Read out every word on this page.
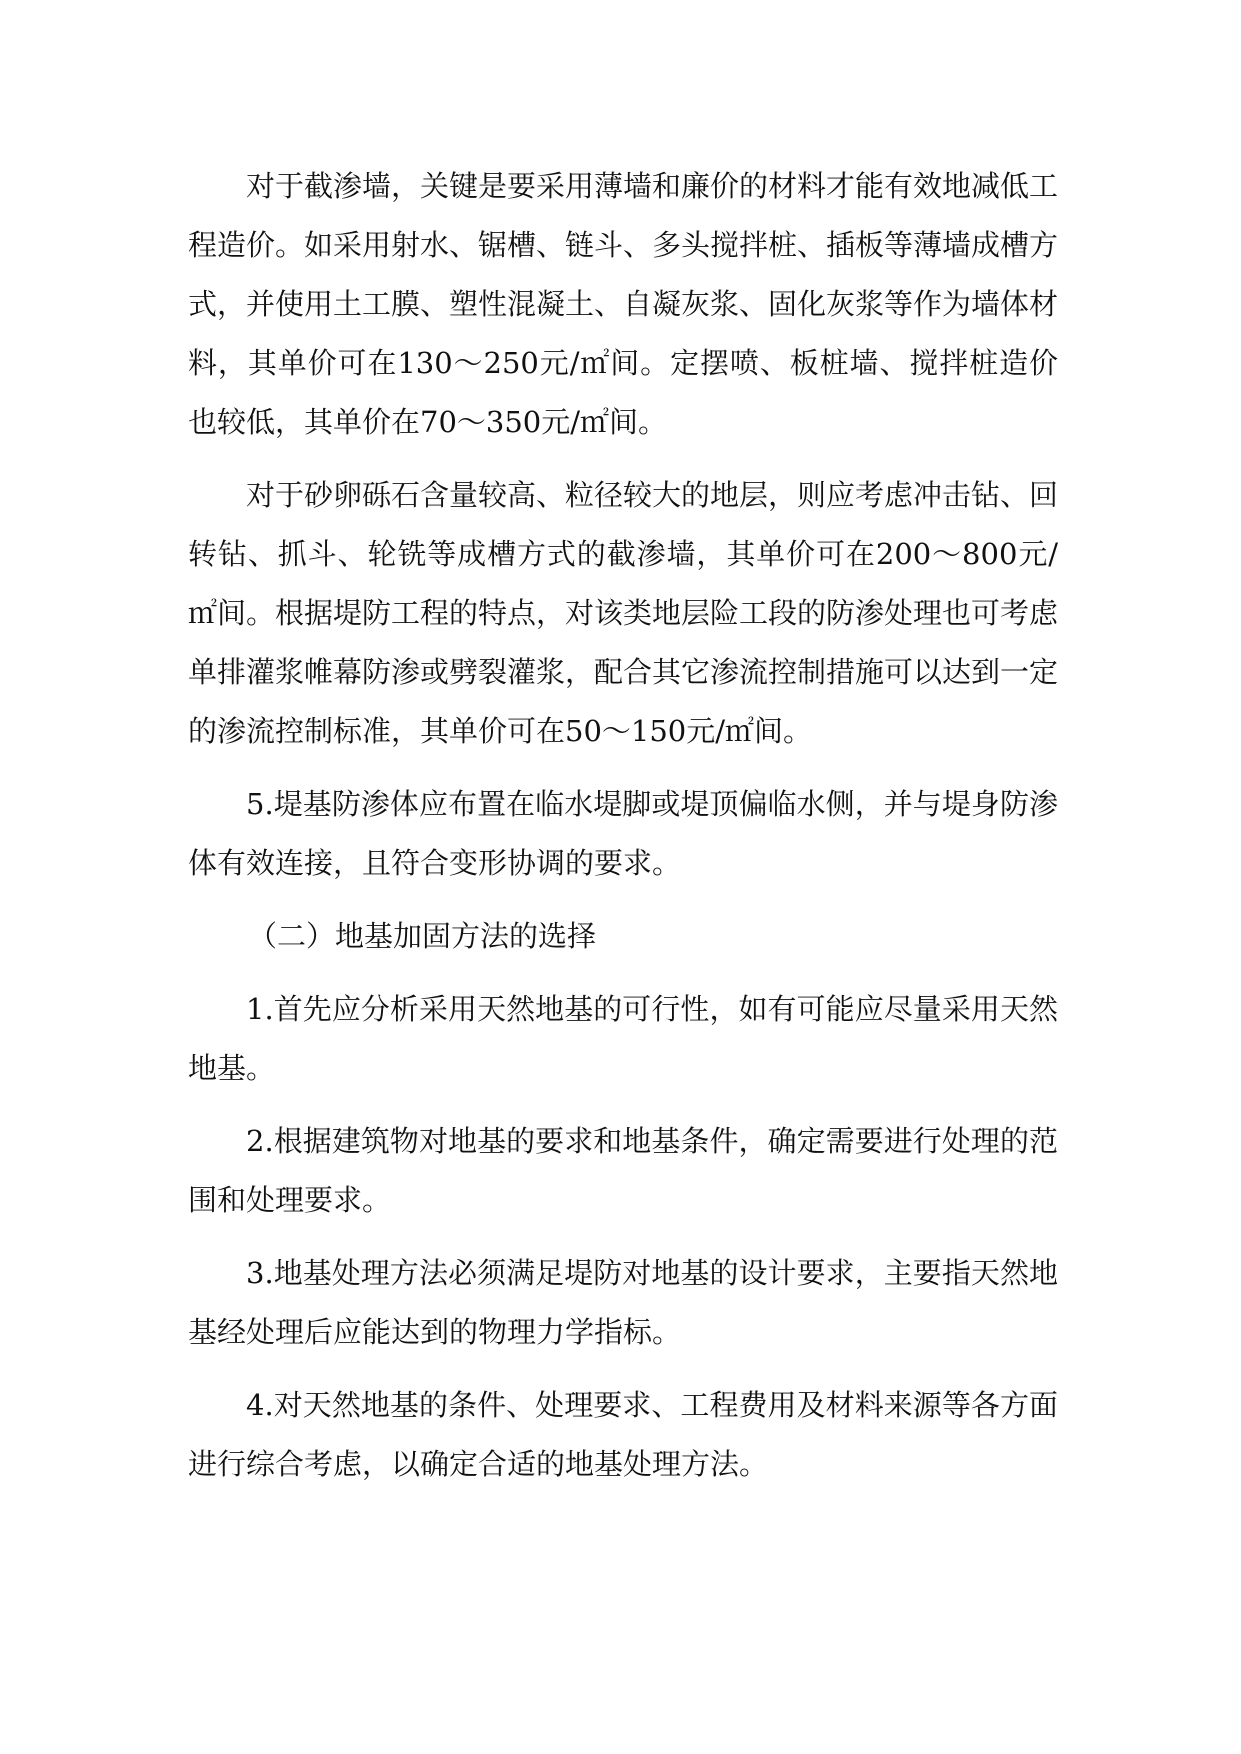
对于截渗墙，关键是要采用薄墙和廉价的材料才能有效地减低工程造价。如采用射水、锯槽、链斗、多头搅拌桩、插板等薄墙成槽方式，并使用土工膜、塑性混凝土、自凝灰浆、固化灰浆等作为墙体材料，其单价可在130～250元/㎡间。定摆喷、板桩墙、搅拌桩造价也较低，其单价在70～350元/㎡间。

对于砂卵砾石含量较高、粒径较大的地层，则应考虑冲击钻、回转钻、抓斗、轮铣等成槽方式的截渗墙，其单价可在200～800元/㎡间。根据堤防工程的特点，对该类地层险工段的防渗处理也可考虑单排灌浆帷幕防渗或劈裂灌浆，配合其它渗流控制措施可以达到一定的渗流控制标准，其单价可在50～150元/㎡间。

5.堤基防渗体应布置在临水堤脚或堤顶偏临水侧，并与堤身防渗体有效连接，且符合变形协调的要求。

（二）地基加固方法的选择

1.首先应分析采用天然地基的可行性，如有可能应尽量采用天然地基。

2.根据建筑物对地基的要求和地基条件，确定需要进行处理的范围和处理要求。

3.地基处理方法必须满足堤防对地基的设计要求，主要指天然地基经处理后应能达到的物理力学指标。

4.对天然地基的条件、处理要求、工程费用及材料来源等各方面进行综合考虑，以确定合适的地基处理方法。
